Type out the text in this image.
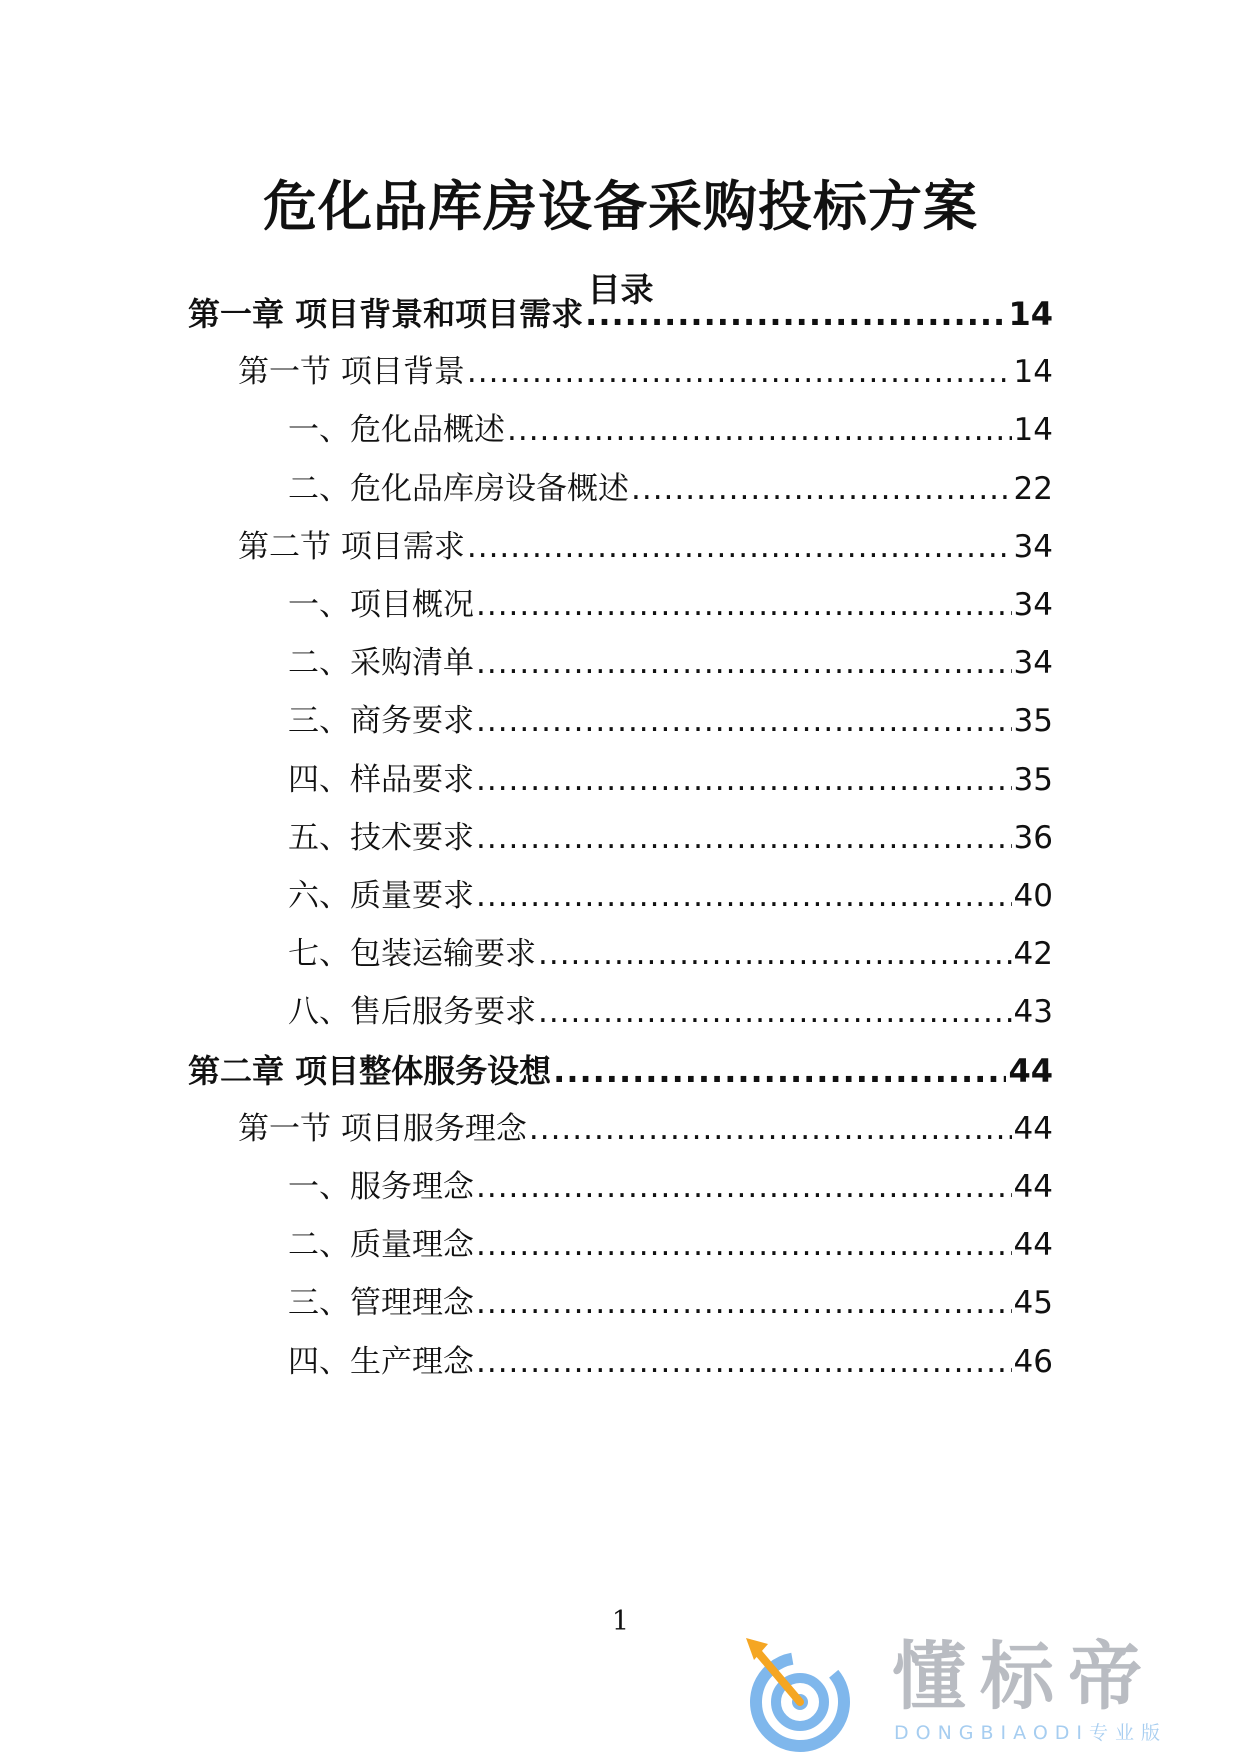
危化品库房设备采购投标方案
目录
第一章 项目背景和项目需求 .....	14
第一节 项目背景 .....	14
一、危化品概述 .....	14
二、危化品库房设备概述 .....	22
第二节 项目需求 .....	34
一、项目概况 .....	34
二、采购清单 .....	34
三、商务要求 .....	35
四、样品要求 .....	35
五、技术要求 .....	36
六、质量要求 .....	40
七、包装运输要求 .....	42
八、售后服务要求 .....	43
第二章 项目整体服务设想 .....	44
第一节 项目服务理念 .....	44
一、服务理念 .....	44
二、质量理念 .....	44
三、管理理念 .....	45
四、生产理念 .....	46
1
懂标帝
DONGBIAODI专业版
